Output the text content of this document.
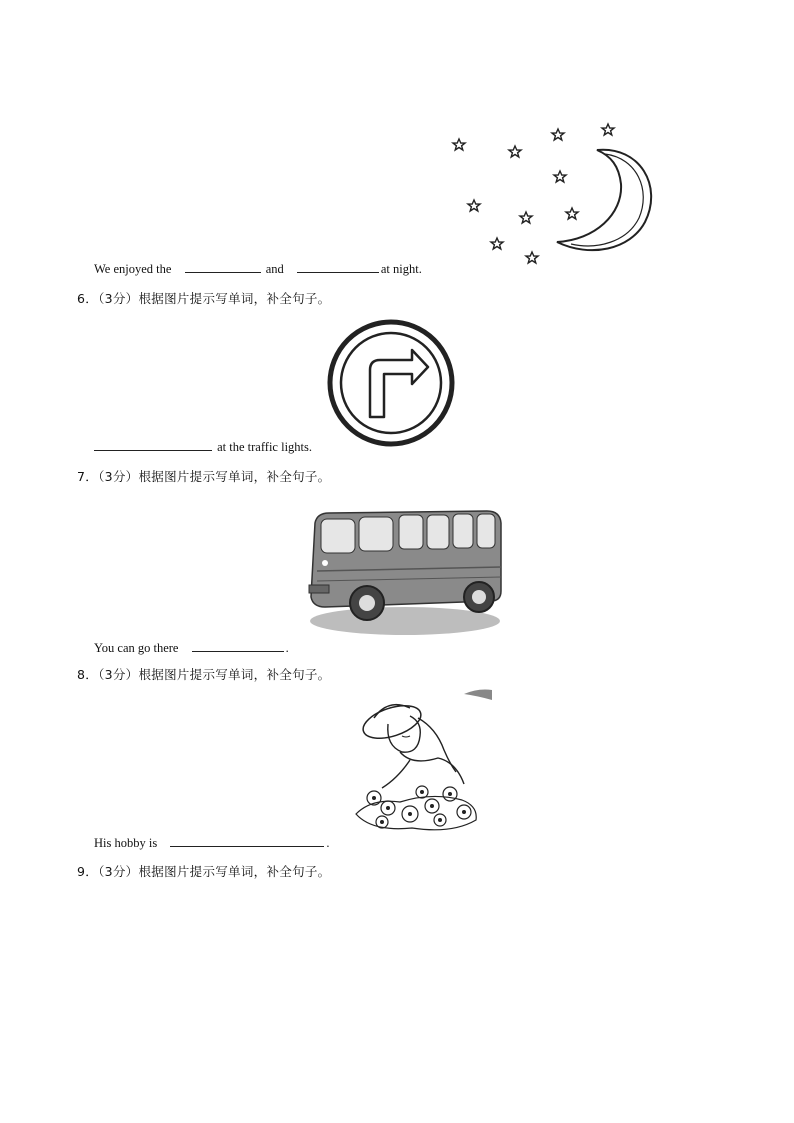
We enjoyed the	and	at night.
6．（3分）根据图片提示写单词，补全句子。
at the traffic lights.
7．（3分）根据图片提示写单词，补全句子。
You can go there	.
8．（3分）根据图片提示写单词，补全句子。
His hobby is	.
9．（3分）根据图片提示写单词，补全句子。
